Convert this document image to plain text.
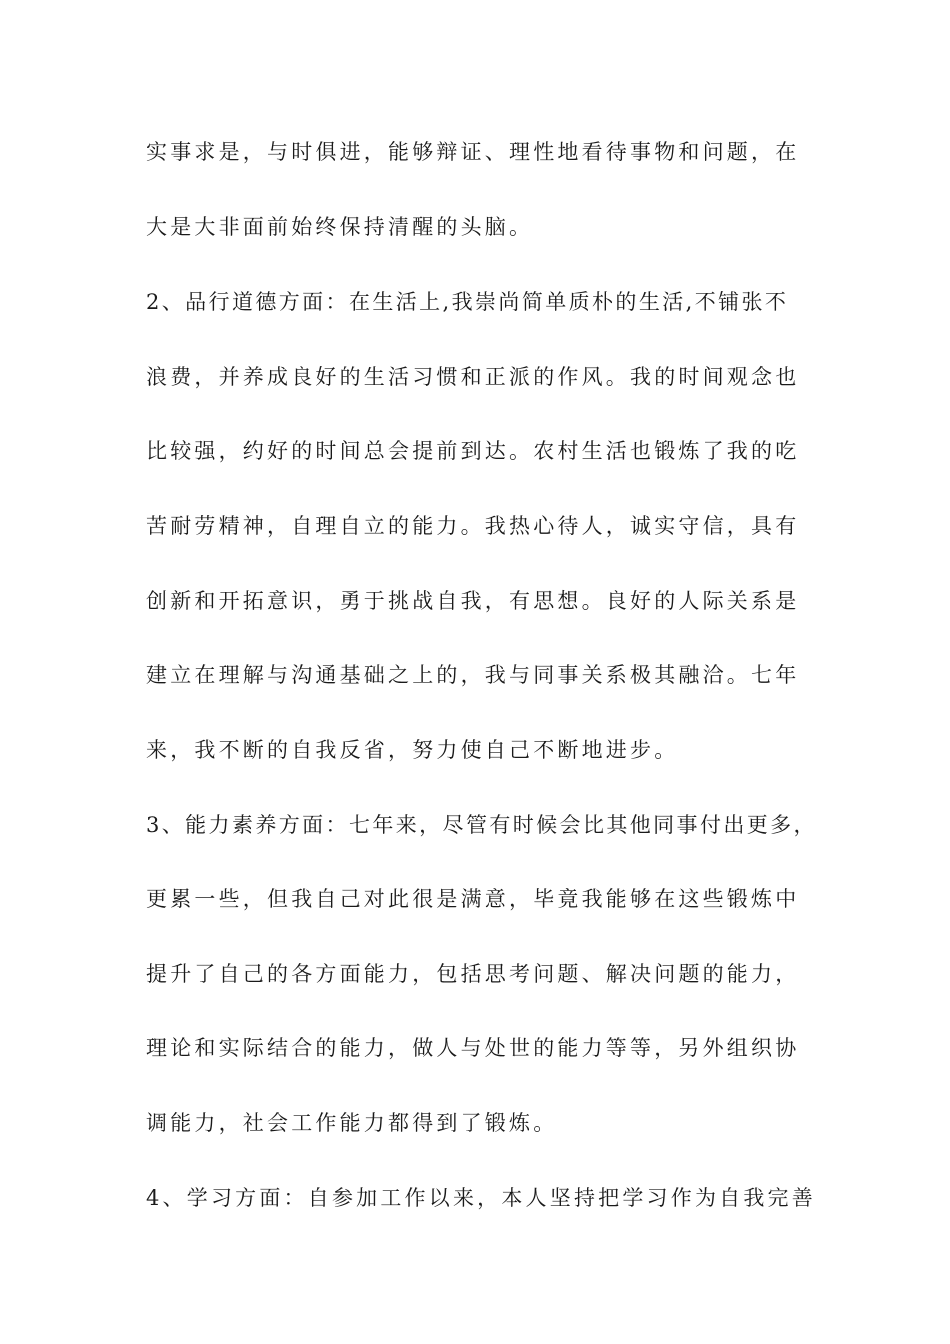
实事求是，与时俱进，能够辩证、理性地看待事物和问题，在
大是大非面前始终保持清醒的头脑。
2、品行道德方面：在生活上,我崇尚简单质朴的生活,不铺张不
浪费，并养成良好的生活习惯和正派的作风。我的时间观念也
比较强，约好的时间总会提前到达。农村生活也锻炼了我的吃
苦耐劳精神，自理自立的能力。我热心待人，诚实守信，具有
创新和开拓意识，勇于挑战自我，有思想。良好的人际关系是
建立在理解与沟通基础之上的，我与同事关系极其融洽。七年
来，我不断的自我反省，努力使自己不断地进步。
3、能力素养方面：七年来，尽管有时候会比其他同事付出更多，
更累一些，但我自己对此很是满意，毕竟我能够在这些锻炼中
提升了自己的各方面能力，包括思考问题、解决问题的能力，
理论和实际结合的能力，做人与处世的能力等等，另外组织协
调能力，社会工作能力都得到了锻炼。
4、学习方面：自参加工作以来，本人坚持把学习作为自我完善
